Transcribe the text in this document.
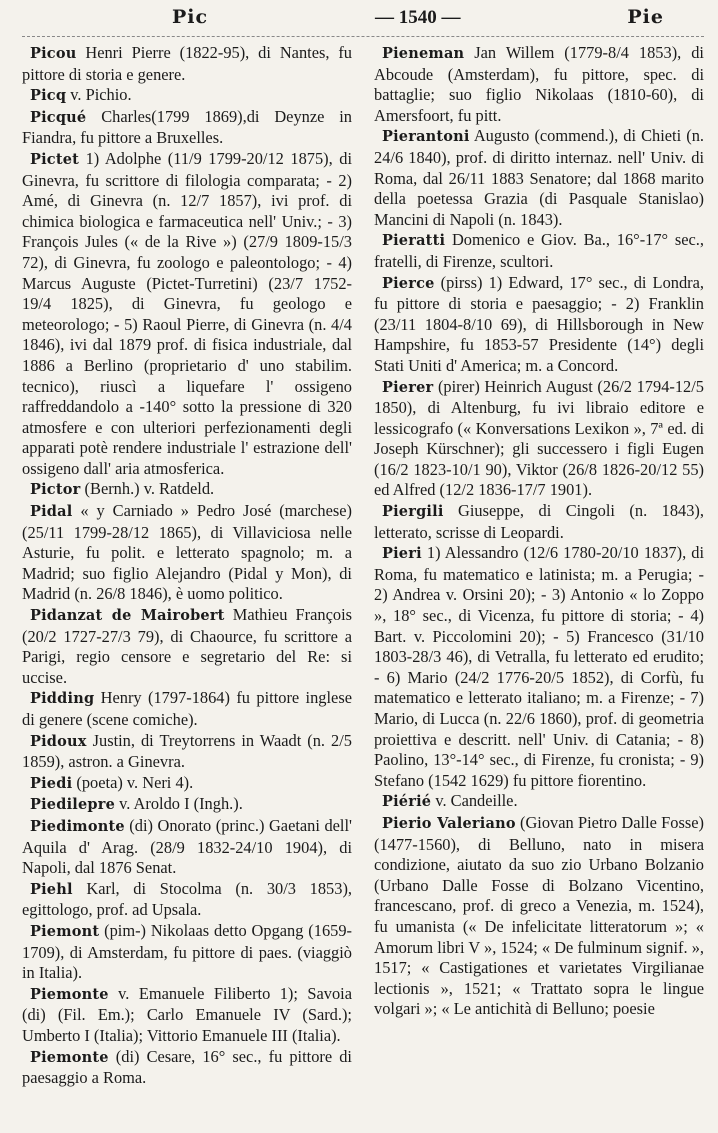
Pic	— 1540 —	Pie

Picou Henri Pierre (1822-95), di Nantes, fu pittore di storia e genere.

Picq v. Pichio.

Picqué Charles(1799 1869),di Deynze in Fiandra, fu pittore a Bruxelles.

Pictet 1) Adolphe (11/9 1799-20/12 1875), di Ginevra, fu scrittore di filologia comparata; - 2) Amé, di Ginevra (n. 12/7 1857), ivi prof. di chimica biologica e farmaceutica nell' Univ.; - 3) François Jules (« de la Rive ») (27/9 1809-15/3 72), di Ginevra, fu zoologo e paleontologo; - 4) Marcus Auguste (Pictet-Turretini) (23/7 1752-19/4 1825), di Ginevra, fu geologo e meteorologo; - 5) Raoul Pierre, di Ginevra (n. 4/4 1846), ivi dal 1879 prof. di fisica industriale, dal 1886 a Berlino (proprietario d' uno stabilim. tecnico), riuscì a liquefare l' ossigeno raffreddandolo a -140° sotto la pressione di 320 atmosfere e con ulteriori perfezionamenti degli apparati potè rendere industriale l' estrazione dell' ossigeno dall' aria atmosferica.

Pictor (Bernh.) v. Ratdeld.

Pidal « y Carniado » Pedro José (marchese) (25/11 1799-28/12 1865), di Villaviciosa nelle Asturie, fu polit. e letterato spagnolo; m. a Madrid; suo figlio Alejandro (Pidal y Mon), di Madrid (n. 26/8 1846), è uomo politico.

Pidanzat de Mairobert Mathieu François (20/2 1727-27/3 79), di Chaource, fu scrittore a Parigi, regio censore e segretario del Re: si uccise.

Pidding Henry (1797-1864) fu pittore inglese di genere (scene comiche).

Pidoux Justin, di Treytorrens in Waadt (n. 2/5 1859), astron. a Ginevra.

Piedi (poeta) v. Neri 4).

Piedilepre v. Aroldo I (Ingh.).

Piedimonte (di) Onorato (princ.) Gaetani dell' Aquila d' Arag. (28/9 1832-24/10 1904), di Napoli, dal 1876 Senat.

Piehl Karl, di Stocolma (n. 30/3 1853), egittologo, prof. ad Upsala.

Piemont (pim-) Nikolaas detto Opgang (1659-1709), di Amsterdam, fu pittore di paes. (viaggiò in Italia).

Piemonte v. Emanuele Filiberto 1); Savoia (di) (Fil. Em.); Carlo Emanuele IV (Sard.); Umberto I (Italia); Vittorio Emanuele III (Italia).

Piemonte (di) Cesare, 16° sec., fu pittore di paesaggio a Roma.

Pieneman Jan Willem (1779-8/4 1853), di Abcoude (Amsterdam), fu pittore, spec. di battaglie; suo figlio Nikolaas (1810-60), di Amersfoort, fu pitt.

Pierantoni Augusto (commend.), di Chieti (n. 24/6 1840), prof. di diritto internaz. nell' Univ. di Roma, dal 26/11 1883 Senatore; dal 1868 marito della poetessa Grazia (di Pasquale Stanislao) Mancini di Napoli (n. 1843).

Pieratti Domenico e Giov. Ba., 16°-17° sec., fratelli, di Firenze, scultori.

Pierce (pirss) 1) Edward, 17° sec., di Londra, fu pittore di storia e paesaggio; - 2) Franklin (23/11 1804-8/10 69), di Hillsborough in New Hampshire, fu 1853-57 Presidente (14°) degli Stati Uniti d' America; m. a Concord.

Pierer (pirer) Heinrich August (26/2 1794-12/5 1850), di Altenburg, fu ivi libraio editore e lessicografo (« Konversations Lexikon », 7ª ed. di Joseph Kürschner); gli successero i figli Eugen (16/2 1823-10/1 90), Viktor (26/8 1826-20/12 55) ed Alfred (12/2 1836-17/7 1901).

Piergili Giuseppe, di Cingoli (n. 1843), letterato, scrisse di Leopardi.

Pieri 1) Alessandro (12/6 1780-20/10 1837), di Roma, fu matematico e latinista; m. a Perugia; - 2) Andrea v. Orsini 20); - 3) Antonio « lo Zoppo », 18° sec., di Vicenza, fu pittore di storia; - 4) Bart. v. Piccolomini 20); - 5) Francesco (31/10 1803-28/3 46), di Vetralla, fu letterato ed erudito; - 6) Mario (24/2 1776-20/5 1852), di Corfù, fu matematico e letterato italiano; m. a Firenze; - 7) Mario, di Lucca (n. 22/6 1860), prof. di geometria proiettiva e descritt. nell' Univ. di Catania; - 8) Paolino, 13°-14° sec., di Firenze, fu cronista; - 9) Stefano (1542 1629) fu pittore fiorentino.

Piérié v. Candeille.

Pierio Valeriano (Giovan Pietro Dalle Fosse) (1477-1560), di Belluno, nato in misera condizione, aiutato da suo zio Urbano Bolzanio (Urbano Dalle Fosse di Bolzano Vicentino, francescano, prof. di greco a Venezia, m. 1524), fu umanista (« De infelicitate litteratorum »; « Amorum libri V », 1524; « De fulminum signif. », 1517; « Castigationes et varietates Virgilianae lectionis », 1521; « Trattato sopra le lingue volgari »; « Le antichità di Belluno; poesie
